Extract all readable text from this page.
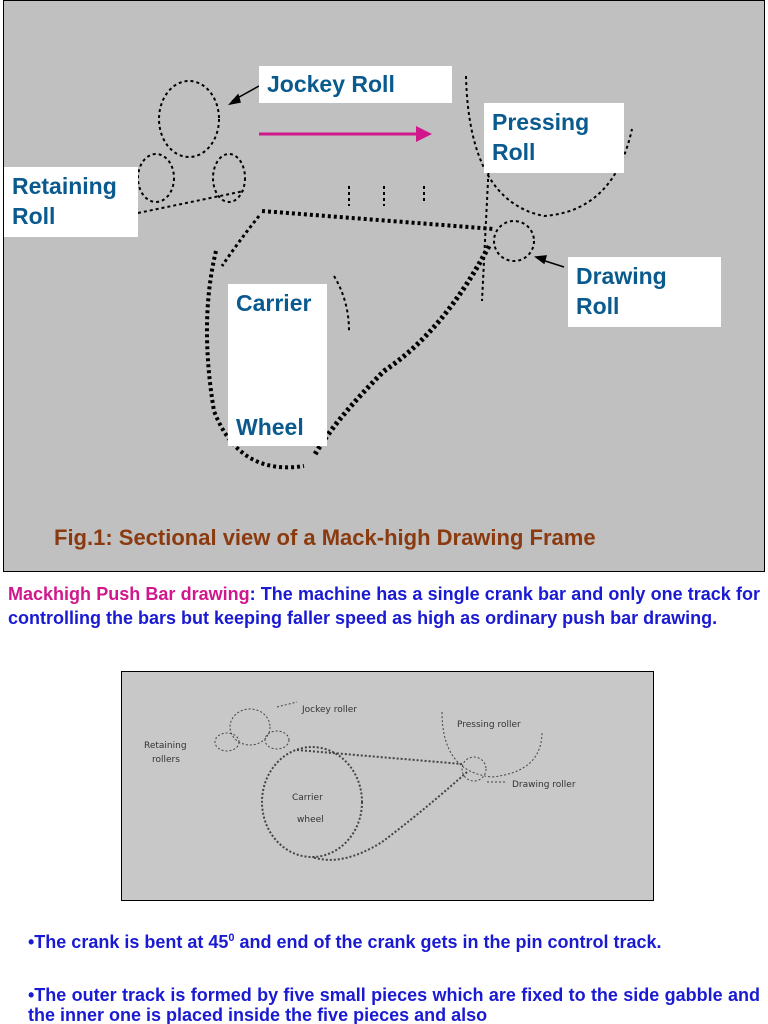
Jockey Roll
Pressing
Roll
Retaining
Roll
Drawing
Roll
Carrier
Wheel
Fig.1: Sectional view of a Mack-high Drawing Frame

Mackhigh Push Bar drawing: The machine has a single crank bar and only one track for controlling the bars but keeping faller speed as high as ordinary push bar drawing.

Jockey roller
Pressing roller
Retaining
rollers
Drawing roller
Carrier
wheel

•The crank is bent at $45^0$ and end of the crank gets in the pin control track.

•The outer track is formed by five small pieces which are fixed to the side gabble and the inner one is placed inside the five pieces and also
